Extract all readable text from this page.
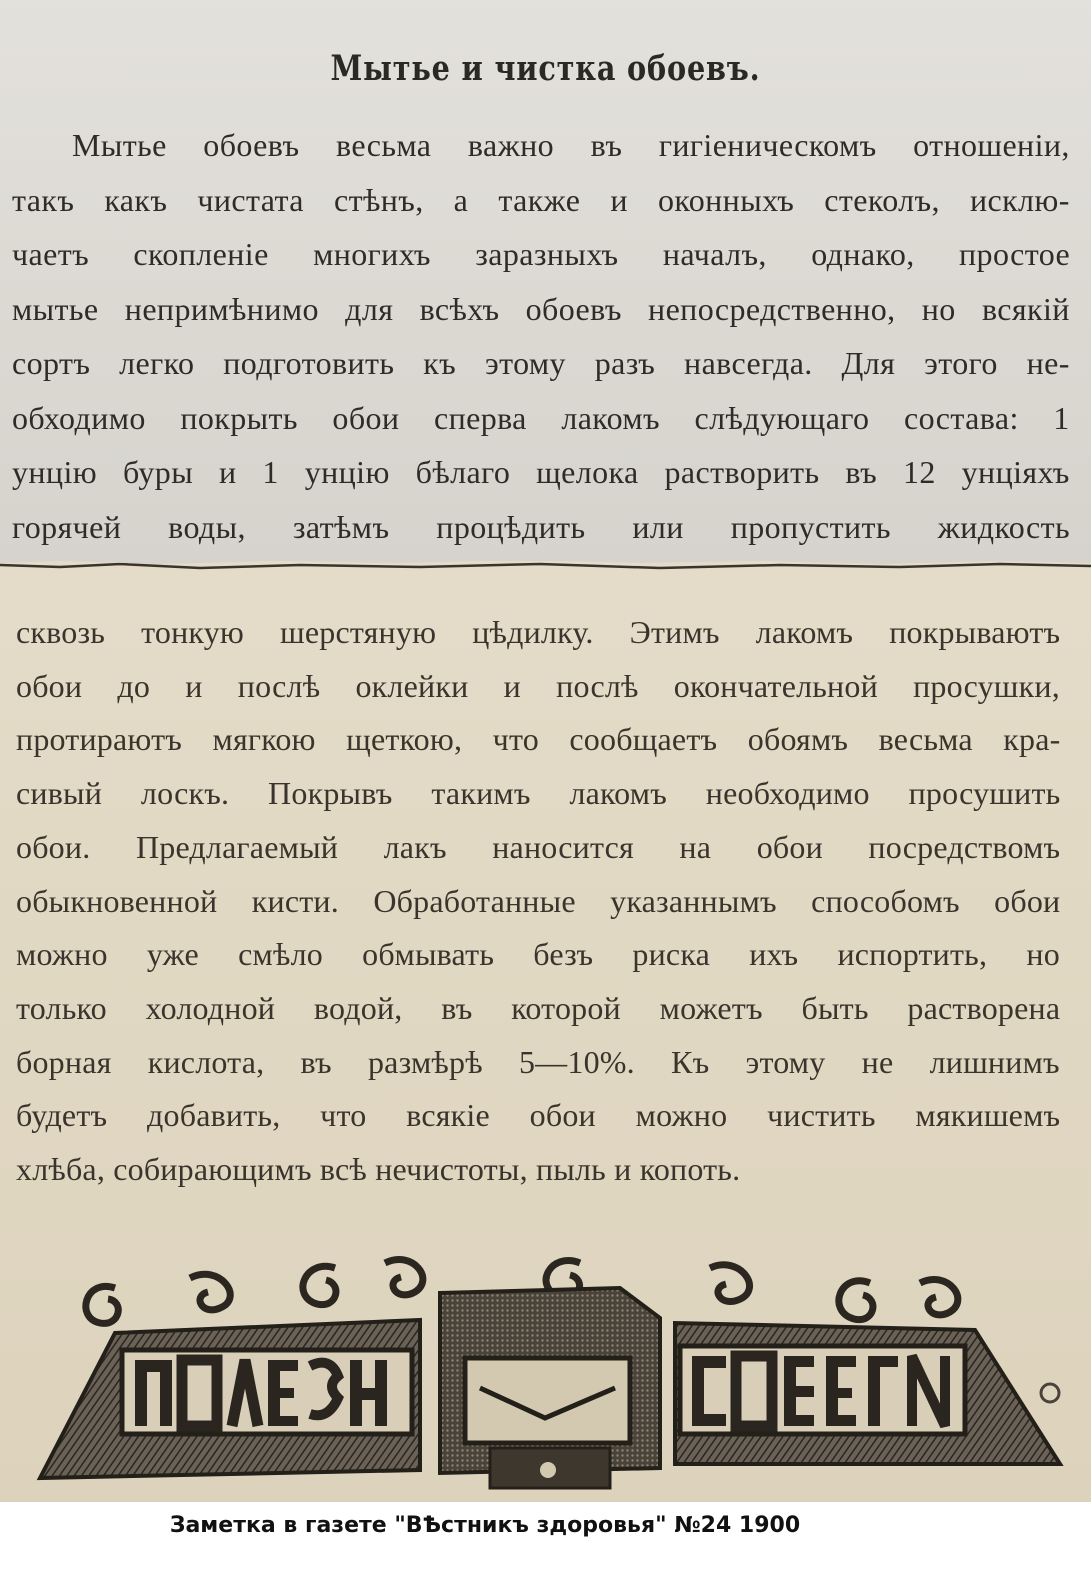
Мытье и чистка обоевъ.
Мытье обоевъ весьма важно въ гигіеническомъ отношеніи,
такъ какъ чистата стѣнъ, а также и оконныхъ стеколъ, исклю-
чаетъ скопленіе многихъ заразныхъ началъ, однако, простое
мытье непримѣнимо для всѣхъ обоевъ непосредственно, но всякій
сортъ легко подготовить къ этому разъ навсегда. Для этого не-
обходимо покрыть обои сперва лакомъ слѣдующаго состава: 1
унцію буры и 1 унцію бѣлаго щелока растворить въ 12 унціяхъ
горячей воды, затѣмъ процѣдить или пропустить жидкость
сквозь тонкую шерстяную цѣдилку. Этимъ лакомъ покрываютъ
обои до и послѣ оклейки и послѣ окончательной просушки,
протираютъ мягкою щеткою, что сообщаетъ обоямъ весьма кра-
сивый лоскъ. Покрывъ такимъ лакомъ необходимо просушить
обои. Предлагаемый лакъ наносится на обои посредствомъ
обыкновенной кисти. Обработанные указаннымъ способомъ обои
можно уже смѣло обмывать безъ риска ихъ испортить, но
только холодной водой, въ которой можетъ быть растворена
борная кислота, въ размѣрѣ 5—10%. Къ этому не лишнимъ
будетъ добавить, что всякіе обои можно чистить мякишемъ
хлѣба, собирающимъ всѣ нечистоты, пыль и копоть.
Заметка в газете "ВѢстникъ здоровья" №24 1900
